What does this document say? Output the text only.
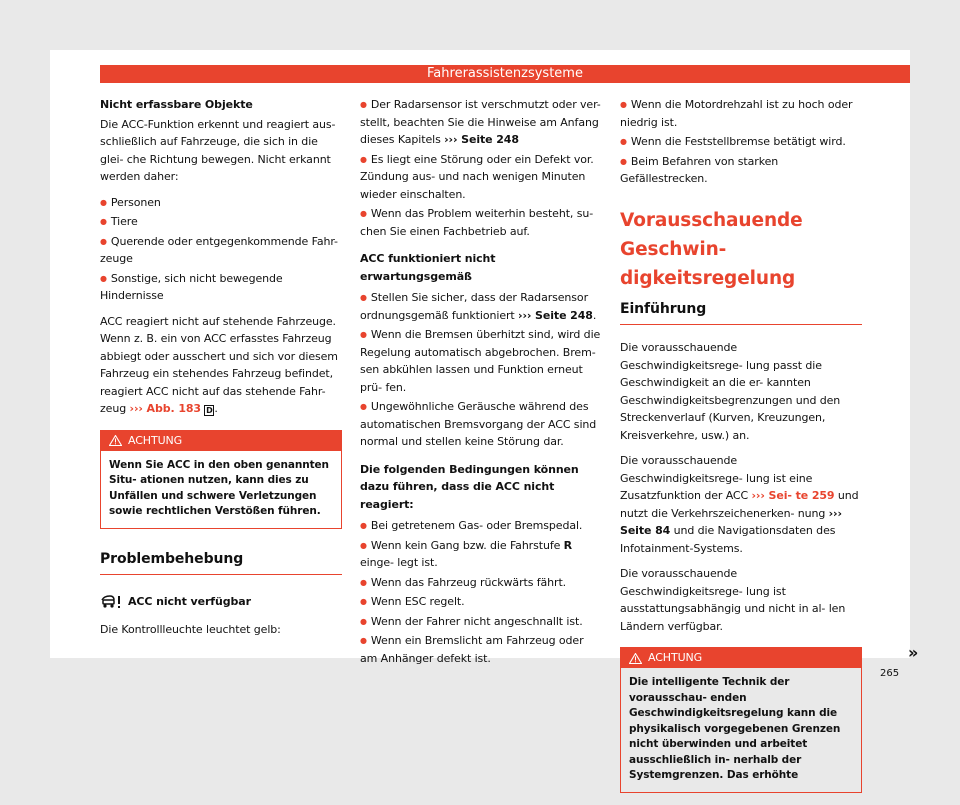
Fahrerassistenzsysteme
Nicht erfassbare Objekte

Die ACC-Funktion erkennt und reagiert aus- schließlich auf Fahrzeuge, die sich in die glei- che Richtung bewegen. Nicht erkannt werden daher:

● Personen
● Tiere
● Querende oder entgegenkommende Fahr- zeuge
● Sonstige, sich nicht bewegende Hindernisse

ACC reagiert nicht auf stehende Fahrzeuge. Wenn z. B. ein von ACC erfasstes Fahrzeug abbiegt oder ausschert und sich vor diesem Fahrzeug ein stehendes Fahrzeug befindet, reagiert ACC nicht auf das stehende Fahr- zeug ››› Abb. 183 D .

ACHTUNG
Wenn Sie ACC in den oben genannten Situ- ationen nutzen, kann dies zu Unfällen und schwere Verletzungen sowie rechtlichen Verstößen führen.
Problembehebung
ACC nicht verfügbar

Die Kontrollleuchte leuchtet gelb:

● Der Radarsensor ist verschmutzt oder ver- stellt, beachten Sie die Hinweise am Anfang dieses Kapitels ››› Seite 248
● Es liegt eine Störung oder ein Defekt vor. Zündung aus- und nach wenigen Minuten wieder einschalten.
● Wenn das Problem weiterhin besteht, su- chen Sie einen Fachbetrieb auf.
ACC funktioniert nicht erwartungsgemäß
● Stellen Sie sicher, dass der Radarsensor ordnungsgemäß funktioniert ››› Seite 248.
● Wenn die Bremsen überhitzt sind, wird die Regelung automatisch abgebrochen. Brem- sen abkühlen lassen und Funktion erneut prü- fen.
● Ungewöhnliche Geräusche während des automatischen Bremsvorgang der ACC sind normal und stellen keine Störung dar.
Die folgenden Bedingungen können dazu führen, dass die ACC nicht reagiert:
● Bei getretenem Gas- oder Bremspedal.
● Wenn kein Gang bzw. die Fahrstufe R einge- legt ist.
● Wenn das Fahrzeug rückwärts fährt.
● Wenn ESC regelt.
● Wenn der Fahrer nicht angeschnallt ist.
● Wenn ein Bremslicht am Fahrzeug oder am Anhänger defekt ist.
● Wenn die Motordrehzahl ist zu hoch oder niedrig ist.
● Wenn die Feststellbremse betätigt wird.
● Beim Befahren von starken Gefällestrecken.
Vorausschauende Geschwin- digkeitsregelung
Einführung

Die vorausschauende Geschwindigkeitsrege- lung passt die Geschwindigkeit an die er- kannten Geschwindigkeitsbegrenzungen und den Streckenverlauf (Kurven, Kreuzungen, Kreisverkehre, usw.) an.

Die vorausschauende Geschwindigkeitsrege- lung ist eine Zusatzfunktion der ACC ››› Sei- te 259 und nutzt die Verkehrszeichenerken- nung ››› Seite 84 und die Navigationsdaten des Infotainment-Systems.

Die vorausschauende Geschwindigkeitsrege- lung ist ausstattungsabhängig und nicht in al- len Ländern verfügbar.

ACHTUNG
Die intelligente Technik der vorausschau- enden Geschwindigkeitsregelung kann die physikalisch vorgegebenen Grenzen nicht überwinden und arbeitet ausschließlich in- nerhalb der Systemgrenzen. Das erhöhte
»
265
